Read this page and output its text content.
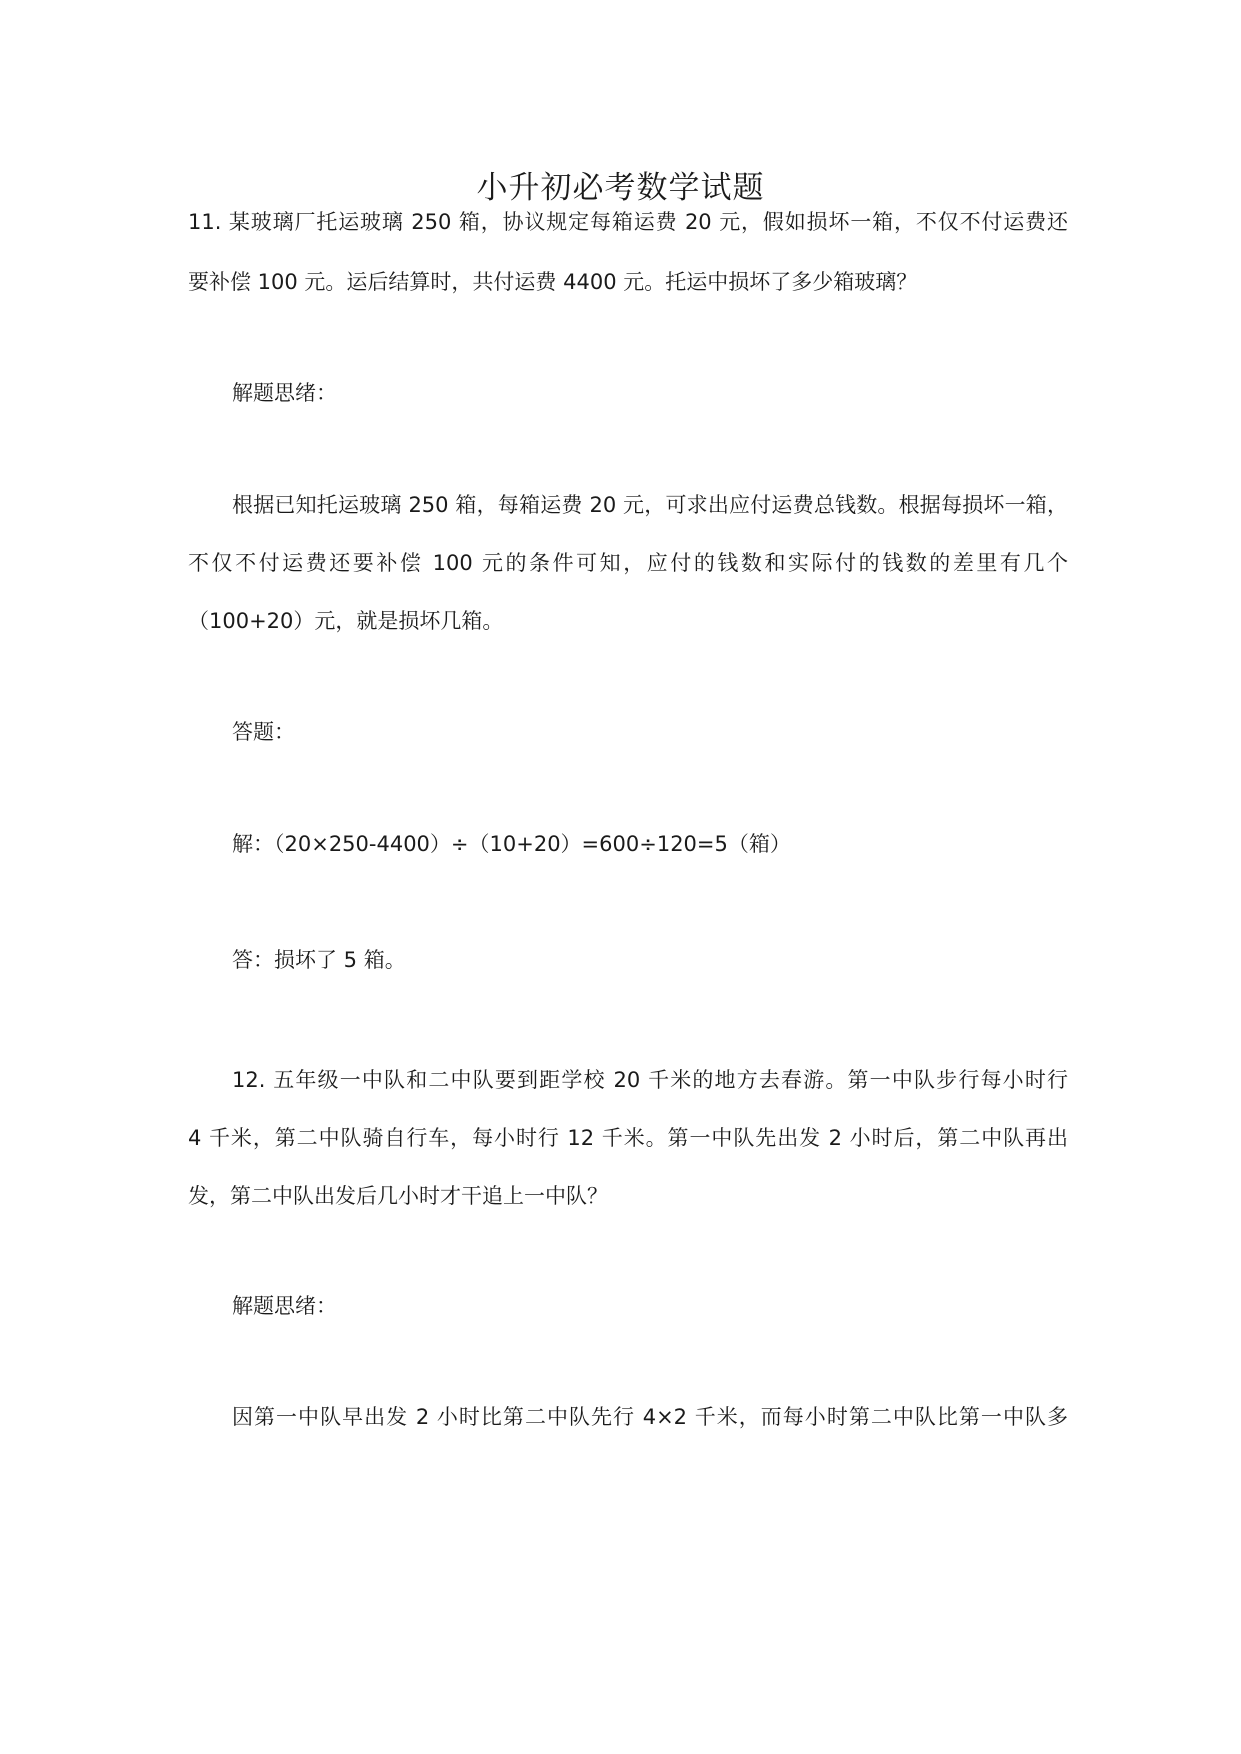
小升初必考数学试题
11. 某玻璃厂托运玻璃 250 箱，协议规定每箱运费 20 元，假如损坏一箱，不仅不付运费还
要补偿 100 元。运后结算时，共付运费 4400 元。托运中损坏了多少箱玻璃？
解题思绪：
根据已知托运玻璃 250 箱，每箱运费 20 元，可求出应付运费总钱数。根据每损坏一箱，
不仅不付运费还要补偿 100 元的条件可知，应付的钱数和实际付的钱数的差里有几个
（100+20）元，就是损坏几箱。
答题：
解：（20×250-4400）÷（10+20）=600÷120=5（箱）
答：损坏了 5 箱。
12. 五年级一中队和二中队要到距学校 20 千米的地方去春游。第一中队步行每小时行
4 千米，第二中队骑自行车，每小时行 12 千米。第一中队先出发 2 小时后，第二中队再出
发，第二中队出发后几小时才干追上一中队？
解题思绪：
因第一中队早出发 2 小时比第二中队先行 4×2 千米，而每小时第二中队比第一中队多
